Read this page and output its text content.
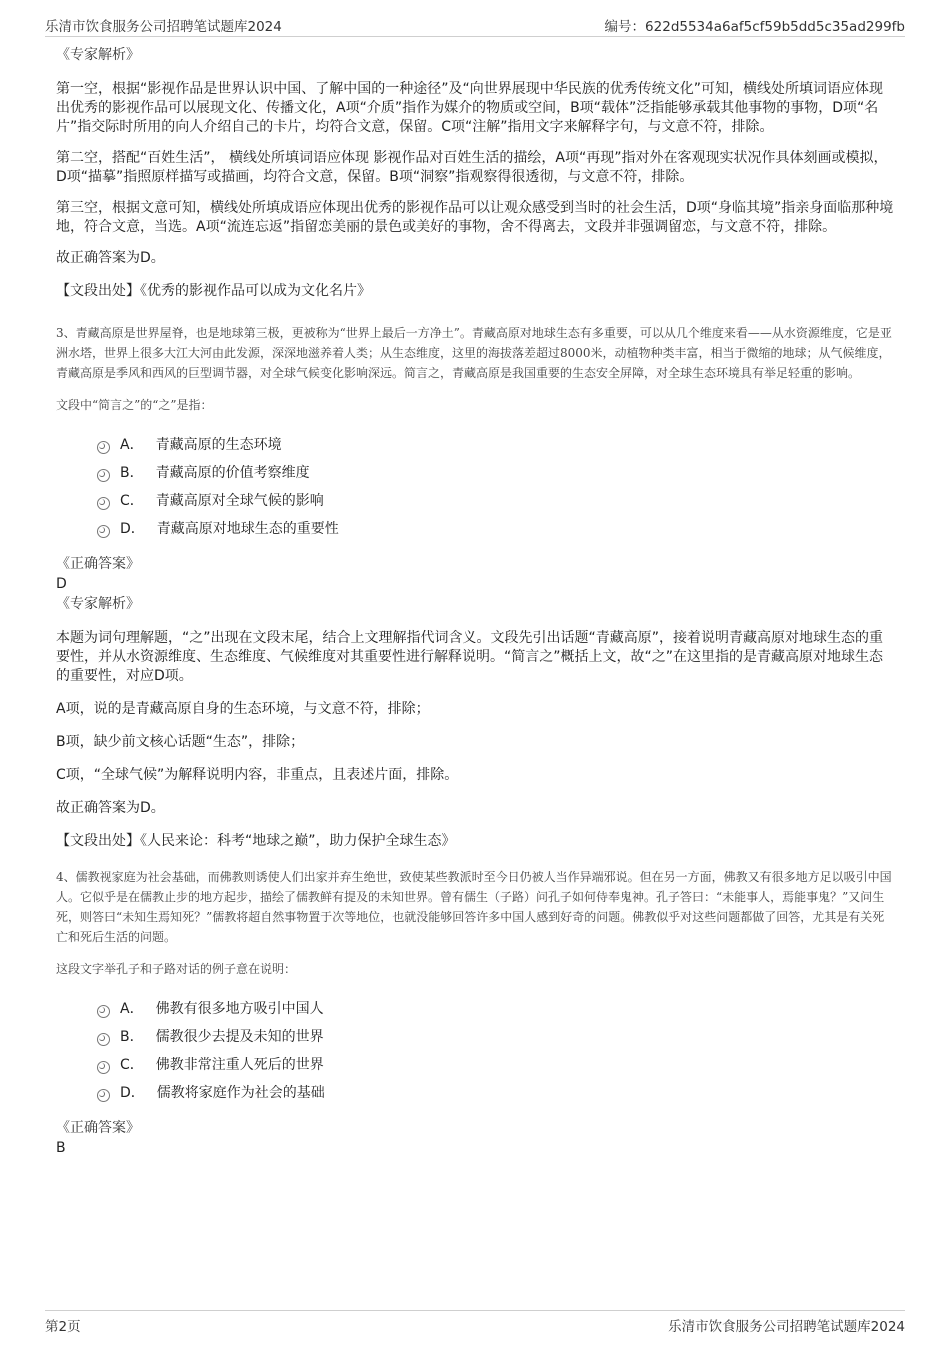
乐清市饮食服务公司招聘笔试题库2024	编号：622d5534a6af5cf59b5dd5c35ad299fb

《专家解析》

第一空，根据“影视作品是世界认识中国、了解中国的一种途径”及“向世界展现中华民族的优秀传统文化”可知，横线处所填词语应体现出优秀的影视作品可以展现文化、传播文化，A项“介质”指作为媒介的物质或空间，B项“载体”泛指能够承载其他事物的事物，D项“名片”指交际时所用的向人介绍自己的卡片，均符合文意，保留。C项“注解”指用文字来解释字句，与文意不符，排除。

第二空，搭配“百姓生活”， 横线处所填词语应体现 影视作品对百姓生活的描绘，A项“再现”指对外在客观现实状况作具体刻画或模拟，D项“描摹”指照原样描写或描画，均符合文意，保留。B项“洞察”指观察得很透彻，与文意不符，排除。

第三空，根据文意可知，横线处所填成语应体现出优秀的影视作品可以让观众感受到当时的社会生活，D项“身临其境”指亲身面临那种境地，符合文意，当选。A项“流连忘返”指留恋美丽的景色或美好的事物，舍不得离去，文段并非强调留恋，与文意不符，排除。

故正确答案为D。

【文段出处】《优秀的影视作品可以成为文化名片》

3、青藏高原是世界屋脊，也是地球第三极，更被称为“世界上最后一方净土”。青藏高原对地球生态有多重要，可以从几个维度来看——从水资源维度，它是亚洲水塔，世界上很多大江大河由此发源，深深地滋养着人类；从生态维度，这里的海拔落差超过8000米，动植物种类丰富，相当于微缩的地球；从气候维度，青藏高原是季风和西风的巨型调节器，对全球气候变化影响深远。简言之，青藏高原是我国重要的生态安全屏障，对全球生态环境具有举足轻重的影响。

文段中“简言之”的“之”是指：

A． 青藏高原的生态环境
B． 青藏高原的价值考察维度
C． 青藏高原对全球气候的影响
D． 青藏高原对地球生态的重要性

《正确答案》

D

《专家解析》

本题为词句理解题，“之”出现在文段末尾，结合上文理解指代词含义。文段先引出话题“青藏高原”，接着说明青藏高原对地球生态的重要性，并从水资源维度、生态维度、气候维度对其重要性进行解释说明。“简言之”概括上文，故“之”在这里指的是青藏高原对地球生态的重要性，对应D项。

A项，说的是青藏高原自身的生态环境，与文意不符，排除；

B项，缺少前文核心话题“生态”，排除；

C项，“全球气候”为解释说明内容，非重点，且表述片面，排除。

故正确答案为D。

【文段出处】《人民来论：科考“地球之巅”，助力保护全球生态》

4、儒教视家庭为社会基础，而佛教则诱使人们出家并弃生绝世，致使某些教派时至今日仍被人当作异端邪说。但在另一方面，佛教又有很多地方足以吸引中国人。它似乎是在儒教止步的地方起步，描绘了儒教鲜有提及的未知世界。曾有儒生（子路）问孔子如何侍奉鬼神。孔子答曰：“未能事人，焉能事鬼？”又问生死，则答曰“未知生焉知死？”儒教将超自然事物置于次等地位，也就没能够回答许多中国人感到好奇的问题。佛教似乎对这些问题都做了回答，尤其是有关死亡和死后生活的问题。

这段文字举孔子和子路对话的例子意在说明：

A． 佛教有很多地方吸引中国人
B． 儒教很少去提及未知的世界
C． 佛教非常注重人死后的世界
D． 儒教将家庭作为社会的基础

《正确答案》

B

第2页	乐清市饮食服务公司招聘笔试题库2024
